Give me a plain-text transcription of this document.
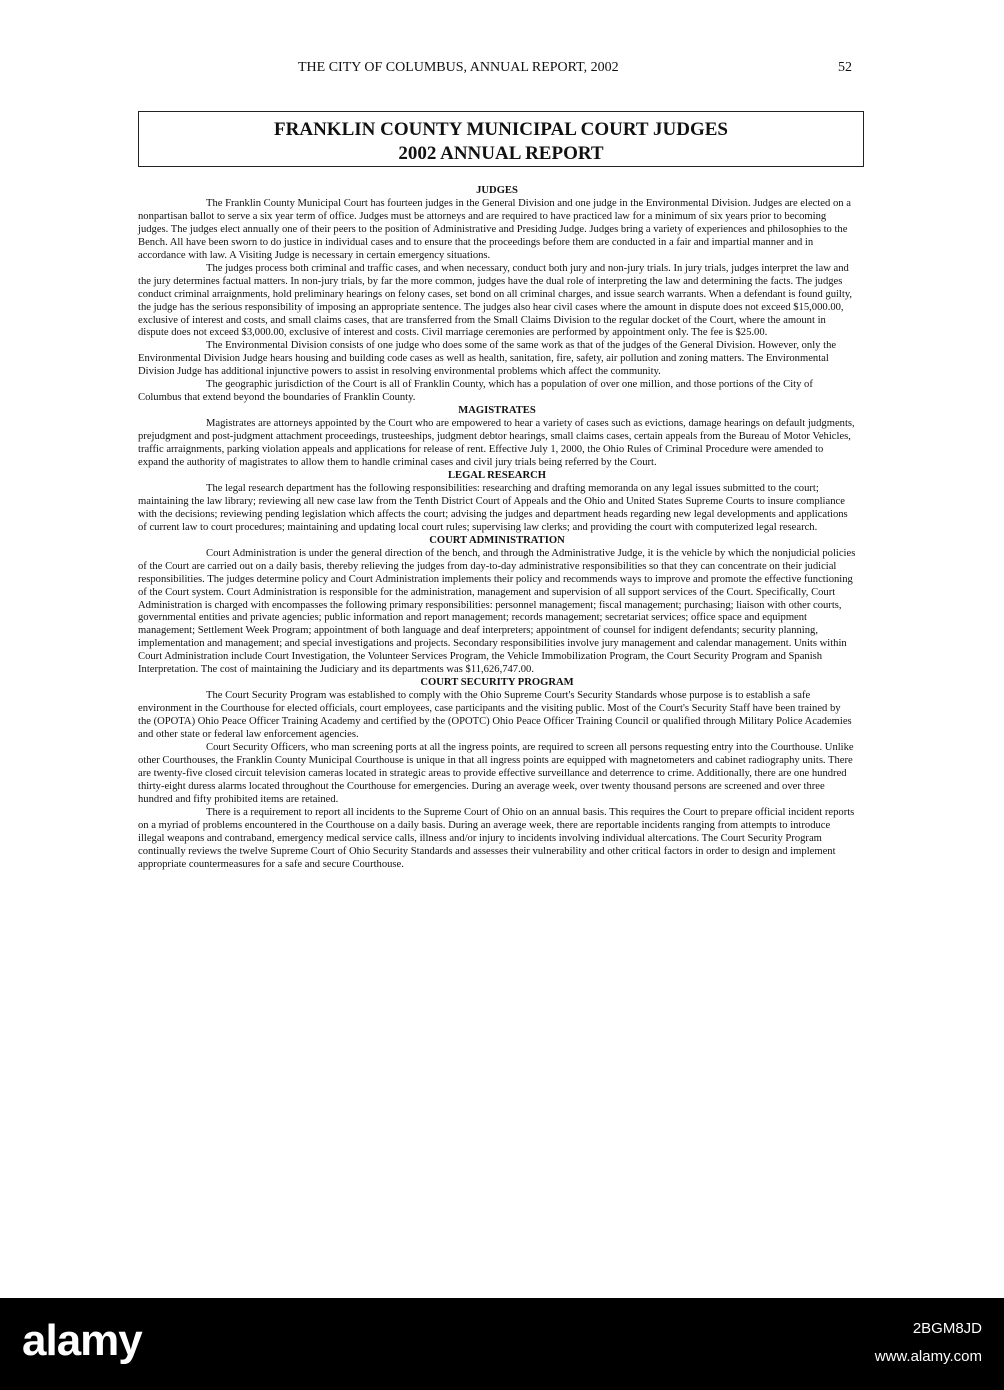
THE CITY OF COLUMBUS, ANNUAL REPORT, 2002	52
FRANKLIN COUNTY MUNICIPAL COURT JUDGES
2002 ANNUAL REPORT
JUDGES

The Franklin County Municipal Court has fourteen judges in the General Division and one judge in the Environmental Division. Judges are elected on a nonpartisan ballot to serve a six year term of office. Judges must be attorneys and are required to have practiced law for a minimum of six years prior to becoming judges. The judges elect annually one of their peers to the position of Administrative and Presiding Judge. Judges bring a variety of experiences and philosophies to the Bench. All have been sworn to do justice in individual cases and to ensure that the proceedings before them are conducted in a fair and impartial manner and in accordance with law. A Visiting Judge is necessary in certain emergency situations.

The judges process both criminal and traffic cases, and when necessary, conduct both jury and non-jury trials. In jury trials, judges interpret the law and the jury determines factual matters. In non-jury trials, by far the more common, judges have the dual role of interpreting the law and determining the facts. The judges conduct criminal arraignments, hold preliminary hearings on felony cases, set bond on all criminal charges, and issue search warrants. When a defendant is found guilty, the judge has the serious responsibility of imposing an appropriate sentence. The judges also hear civil cases where the amount in dispute does not exceed $15,000.00, exclusive of interest and costs, and small claims cases, that are transferred from the Small Claims Division to the regular docket of the Court, where the amount in dispute does not exceed $3,000.00, exclusive of interest and costs. Civil marriage ceremonies are performed by appointment only. The fee is $25.00.

The Environmental Division consists of one judge who does some of the same work as that of the judges of the General Division. However, only the Environmental Division Judge hears housing and building code cases as well as health, sanitation, fire, safety, air pollution and zoning matters. The Environmental Division Judge has additional injunctive powers to assist in resolving environmental problems which affect the community.

The geographic jurisdiction of the Court is all of Franklin County, which has a population of over one million, and those portions of the City of Columbus that extend beyond the boundaries of Franklin County.

MAGISTRATES

Magistrates are attorneys appointed by the Court who are empowered to hear a variety of cases such as evictions, damage hearings on default judgments, prejudgment and post-judgment attachment proceedings, trusteeships, judgment debtor hearings, small claims cases, certain appeals from the Bureau of Motor Vehicles, traffic arraignments, parking violation appeals and applications for release of rent. Effective July 1, 2000, the Ohio Rules of Criminal Procedure were amended to expand the authority of magistrates to allow them to handle criminal cases and civil jury trials being referred by the Court.

LEGAL RESEARCH

The legal research department has the following responsibilities: researching and drafting memoranda on any legal issues submitted to the court; maintaining the law library; reviewing all new case law from the Tenth District Court of Appeals and the Ohio and United States Supreme Courts to insure compliance with the decisions; reviewing pending legislation which affects the court; advising the judges and department heads regarding new legal developments and applications of current law to court procedures; maintaining and updating local court rules; supervising law clerks; and providing the court with computerized legal research.

COURT ADMINISTRATION

Court Administration is under the general direction of the bench, and through the Administrative Judge, it is the vehicle by which the nonjudicial policies of the Court are carried out on a daily basis, thereby relieving the judges from day-to-day administrative responsibilities so that they can concentrate on their judicial responsibilities. The judges determine policy and Court Administration implements their policy and recommends ways to improve and promote the effective functioning of the Court system. Court Administration is responsible for the administration, management and supervision of all support services of the Court. Specifically, Court Administration is charged with encompasses the following primary responsibilities: personnel management; fiscal management; purchasing; liaison with other courts, governmental entities and private agencies; public information and report management; records management; secretariat services; office space and equipment management; Settlement Week Program; appointment of both language and deaf interpreters; appointment of counsel for indigent defendants; security planning, implementation and management; and special investigations and projects. Secondary responsibilities involve jury management and calendar management. Units within Court Administration include Court Investigation, the Volunteer Services Program, the Vehicle Immobilization Program, the Court Security Program and Spanish Interpretation. The cost of maintaining the Judiciary and its departments was $11,626,747.00.

COURT SECURITY PROGRAM

The Court Security Program was established to comply with the Ohio Supreme Court's Security Standards whose purpose is to establish a safe environment in the Courthouse for elected officials, court employees, case participants and the visiting public. Most of the Court's Security Staff have been trained by the (OPOTA) Ohio Peace Officer Training Academy and certified by the (OPOTC) Ohio Peace Officer Training Council or qualified through Military Police Academies and other state or federal law enforcement agencies.

Court Security Officers, who man screening ports at all the ingress points, are required to screen all persons requesting entry into the Courthouse. Unlike other Courthouses, the Franklin County Municipal Courthouse is unique in that all ingress points are equipped with magnetometers and cabinet radiography units. There are twenty-five closed circuit television cameras located in strategic areas to provide effective surveillance and deterrence to crime. Additionally, there are one hundred thirty-eight duress alarms located throughout the Courthouse for emergencies. During an average week, over twenty thousand persons are screened and over three hundred and fifty prohibited items are retained.

There is a requirement to report all incidents to the Supreme Court of Ohio on an annual basis. This requires the Court to prepare official incident reports on a myriad of problems encountered in the Courthouse on a daily basis. During an average week, there are reportable incidents ranging from attempts to introduce illegal weapons and contraband, emergency medical service calls, illness and/or injury to incidents involving individual altercations. The Court Security Program continually reviews the twelve Supreme Court of Ohio Security Standards and assesses their vulnerability and other critical factors in order to design and implement appropriate countermeasures for a safe and secure Courthouse.

alamy	2BGM8JD
www.alamy.com
